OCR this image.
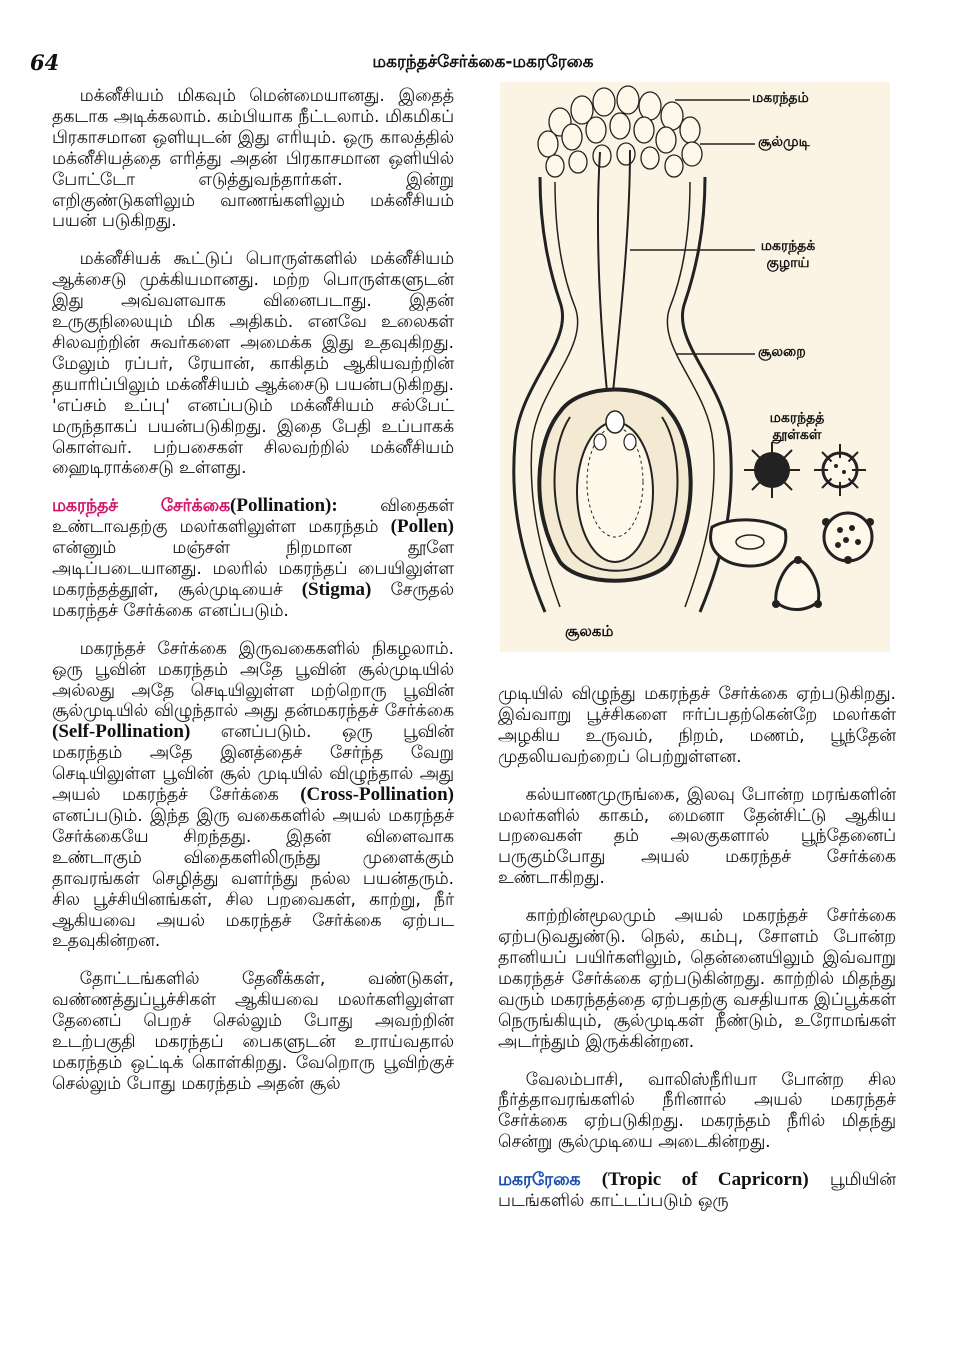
64	மகரந்தச்சேர்க்கை-மகரரேகை

மக்னீசியம் மிகவும் மென்மையானது. இதைத் தகடாக அடிக்கலாம். கம்பியாக நீட்டலாம். மிகமிகப் பிரகாசமான ஒளியுடன் இது எரியும். ஒரு காலத்தில் மக்னீசியத்தை எரித்து அதன் பிரகாசமான ஒளியில் போட்டோ எடுத்துவந்தார்கள். இன்று எறிகுண்டுகளிலும் வாணங்களிலும் மக்னீசியம் பயன் படுகிறது.

மக்னீசியக் கூட்டுப் பொருள்களில் மக்னீசியம் ஆக்சைடு முக்கியமானது. மற்ற பொருள்களுடன் இது அவ்வளவாக வினைபடாது. இதன் உருகுநிலையும் மிக அதிகம். எனவே உலைகள் சிலவற்றின் சுவர்களை அமைக்க இது உதவுகிறது. மேலும் ரப்பர், ரேயான், காகிதம் ஆகியவற்றின் தயாரிப்பிலும் மக்னீசியம் ஆக்சைடு பயன்படுகிறது. 'எப்சம் உப்பு' எனப்படும் மக்னீசியம் சல்பேட் மருந்தாகப் பயன்படுகிறது. இதை பேதி உப்பாகக் கொள்வர். பற்பசைகள் சிலவற்றில் மக்னீசியம் ஹைடிராக்சைடு உள்ளது.

மகரந்தச் சேர்க்கை(Pollination): விதைகள் உண்டாவதற்கு மலர்களிலுள்ள மகரந்தம் (Pollen) என்னும் மஞ்சள் நிறமான தூளே அடிப்படையானது. மலரில் மகரந்தப் பையிலுள்ள மகரந்தத்தூள், சூல்முடியைச் (Stigma) சேருதல் மகரந்தச் சேர்க்கை எனப்படும்.

மகரந்தச் சேர்க்கை இருவகைகளில் நிகழலாம். ஒரு பூவின் மகரந்தம் அதே பூவின் சூல்முடியில் அல்லது அதே செடியிலுள்ள மற்றொரு பூவின் சூல்முடியில் விழுந்தால் அது தன்மகரந்தச் சேர்க்கை (Self-Pollination) எனப்படும். ஒரு பூவின் மகரந்தம் அதே இனத்தைச் சேர்ந்த வேறு செடியிலுள்ள பூவின் சூல் முடியில் விழுந்தால் அது அயல் மகரந்தச் சேர்க்கை (Cross-Pollination) எனப்படும். இந்த இரு வகைகளில் அயல் மகரந்தச் சேர்க்கையே சிறந்தது. இதன் விளைவாக உண்டாகும் விதைகளிலிருந்து முளைக்கும் தாவரங்கள் செழித்து வளர்ந்து நல்ல பயன்தரும். சில பூச்சியினங்கள், சில பறவைகள், காற்று, நீர் ஆகியவை அயல் மகரந்தச் சேர்க்கை ஏற்பட உதவுகின்றன.

தோட்டங்களில் தேனீக்கள், வண்டுகள், வண்ணத்துப்பூச்சிகள் ஆகியவை மலர்களிலுள்ள தேனைப் பெறச் செல்லும் போது அவற்றின் உடற்பகுதி மகரந்தப் பைகளுடன் உராய்வதால் மகரந்தம் ஒட்டிக் கொள்கிறது. வேறொரு பூவிற்குச் செல்லும் போது மகரந்தம் அதன் சூல்

மகரந்தம்
சூல்முடி
மகரந்தக் குழாய்
சூலறை
மகரந்தத் தூள்கள்
சூலகம்

முடியில் விழுந்து மகரந்தச் சேர்க்கை ஏற்படுகிறது. இவ்வாறு பூச்சிகளை ஈர்ப்பதற்கென்றே மலர்கள் அழகிய உருவம், நிறம், மணம், பூந்தேன் முதலியவற்றைப் பெற்றுள்ளன.

கல்யாணமுருங்கை, இலவு போன்ற மரங்களின் மலர்களில் காகம், மைனா தேன்சிட்டு ஆகிய பறவைகள் தம் அலகுகளால் பூந்தேனைப் பருகும்போது அயல் மகரந்தச் சேர்க்கை உண்டாகிறது.

காற்றின்மூலமும் அயல் மகரந்தச் சேர்க்கை ஏற்படுவதுண்டு. நெல், கம்பு, சோளம் போன்ற தானியப் பயிர்களிலும், தென்னையிலும் இவ்வாறு மகரந்தச் சேர்க்கை ஏற்படுகின்றது. காற்றில் மிதந்து வரும் மகரந்தத்தை ஏற்பதற்கு வசதியாக இப்பூக்கள் நெருங்கியும், சூல்முடிகள் நீண்டும், உரோமங்கள் அடர்ந்தும் இருக்கின்றன.

வேலம்பாசி, வாலிஸ்நீரியா போன்ற சில நீர்த்தாவரங்களில் நீரினால் அயல் மகரந்தச் சேர்க்கை ஏற்படுகிறது. மகரந்தம் நீரில் மிதந்து சென்று சூல்முடியை அடைகின்றது.

மகரரேகை (Tropic of Capricorn) பூமியின் படங்களில் காட்டப்படும் ஒரு
